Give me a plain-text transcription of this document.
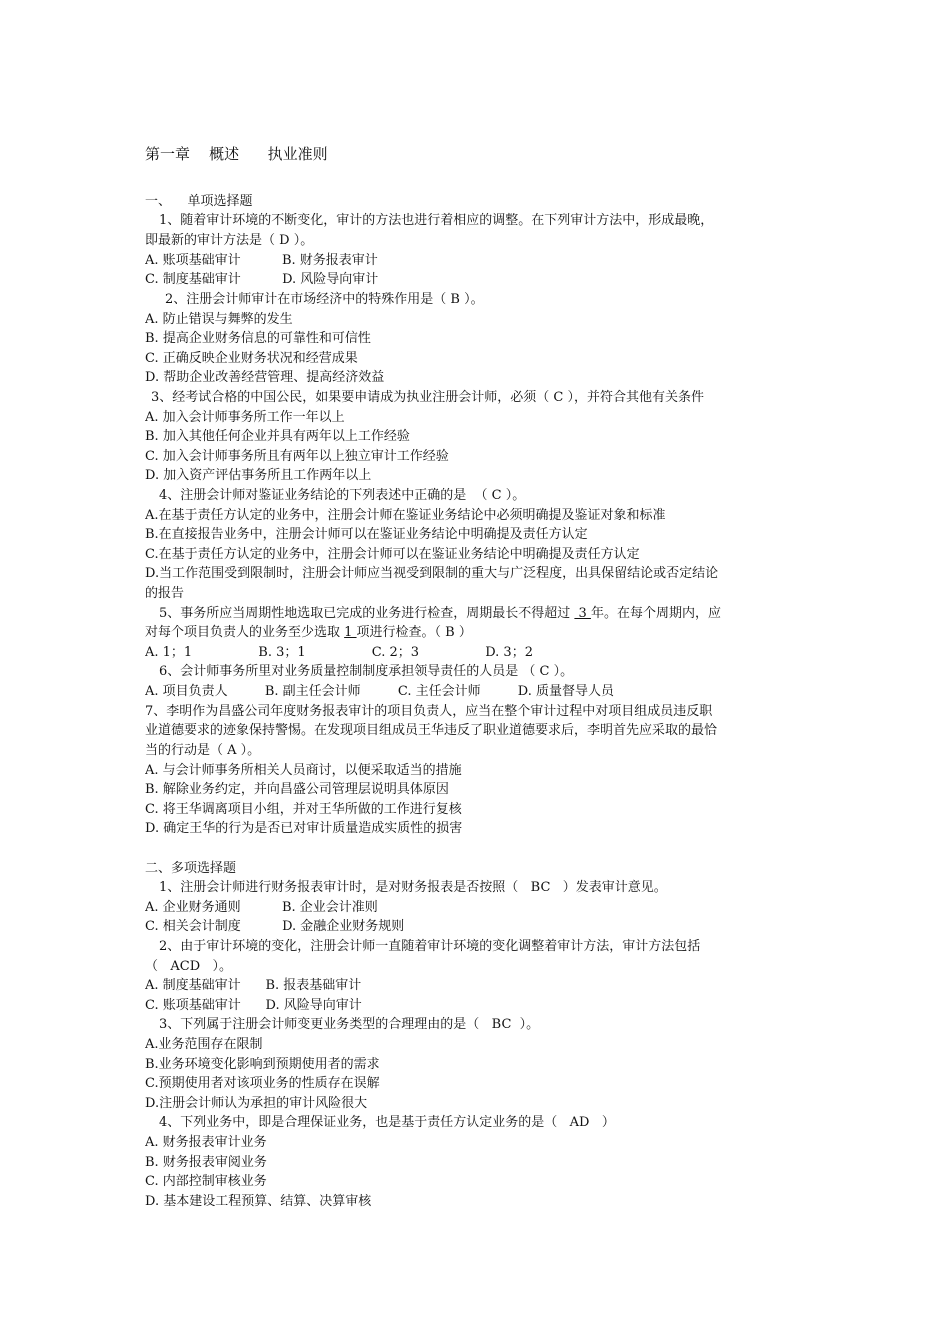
第一章    概述      执业准则
一、    单项选择题
1、随着审计环境的不断变化，审计的方法也进行着相应的调整。在下列审计方法中，形成最晚，
即最新的审计方法是（ D ）。
A. 账项基础审计          B. 财务报表审计
C. 制度基础审计          D. 风险导向审计
2、注册会计师审计在市场经济中的特殊作用是（ B ）。
A. 防止错误与舞弊的发生
B. 提高企业财务信息的可靠性和可信性
C. 正确反映企业财务状况和经营成果
D. 帮助企业改善经营管理、提高经济效益
3、经考试合格的中国公民，如果要申请成为执业注册会计师，必须（ C ），并符合其他有关条件
A. 加入会计师事务所工作一年以上
B. 加入其他任何企业并具有两年以上工作经验
C. 加入会计师事务所且有两年以上独立审计工作经验
D. 加入资产评估事务所且工作两年以上
4、注册会计师对鉴证业务结论的下列表述中正确的是  （ C ）。
A.在基于责任方认定的业务中，注册会计师在鉴证业务结论中必须明确提及鉴证对象和标准
B.在直接报告业务中，注册会计师可以在鉴证业务结论中明确提及责任方认定
C.在基于责任方认定的业务中，注册会计师可以在鉴证业务结论中明确提及责任方认定
D.当工作范围受到限制时，注册会计师应当视受到限制的重大与广泛程度，出具保留结论或否定结论
的报告
5、事务所应当周期性地选取已完成的业务进行检查，周期最长不得超过  3 年。在每个周期内，应
对每个项目负责人的业务至少选取 1 项进行检查。（ B ）
A. 1；1                B. 3；1                C. 2；3                D. 3；2
6、会计师事务所里对业务质量控制制度承担领导责任的人员是 （ C ）。
A. 项目负责人         B. 副主任会计师         C. 主任会计师         D. 质量督导人员
7、李明作为昌盛公司年度财务报表审计的项目负责人，应当在整个审计过程中对项目组成员违反职
业道德要求的迹象保持警惕。在发现项目组成员王华违反了职业道德要求后，李明首先应采取的最恰
当的行动是（ A ）。
A. 与会计师事务所相关人员商讨，以便采取适当的措施
B. 解除业务约定，并向昌盛公司管理层说明具体原因
C. 将王华调离项目小组，并对王华所做的工作进行复核
D. 确定王华的行为是否已对审计质量造成实质性的损害
二、多项选择题
1、注册会计师进行财务报表审计时，是对财务报表是否按照（   BC   ）发表审计意见。
A. 企业财务通则          B. 企业会计准则
C. 相关会计制度          D. 金融企业财务规则
2、由于审计环境的变化，注册会计师一直随着审计环境的变化调整着审计方法，审计方法包括
（   ACD   ）。
A. 制度基础审计      B. 报表基础审计
C. 账项基础审计      D. 风险导向审计
3、下列属于注册会计师变更业务类型的合理理由的是（   BC  ）。
A.业务范围存在限制
B.业务环境变化影响到预期使用者的需求
C.预期使用者对该项业务的性质存在误解
D.注册会计师认为承担的审计风险很大
4、下列业务中，即是合理保证业务，也是基于责任方认定业务的是（   AD   ）
A. 财务报表审计业务
B. 财务报表审阅业务
C. 内部控制审核业务
D. 基本建设工程预算、结算、决算审核
